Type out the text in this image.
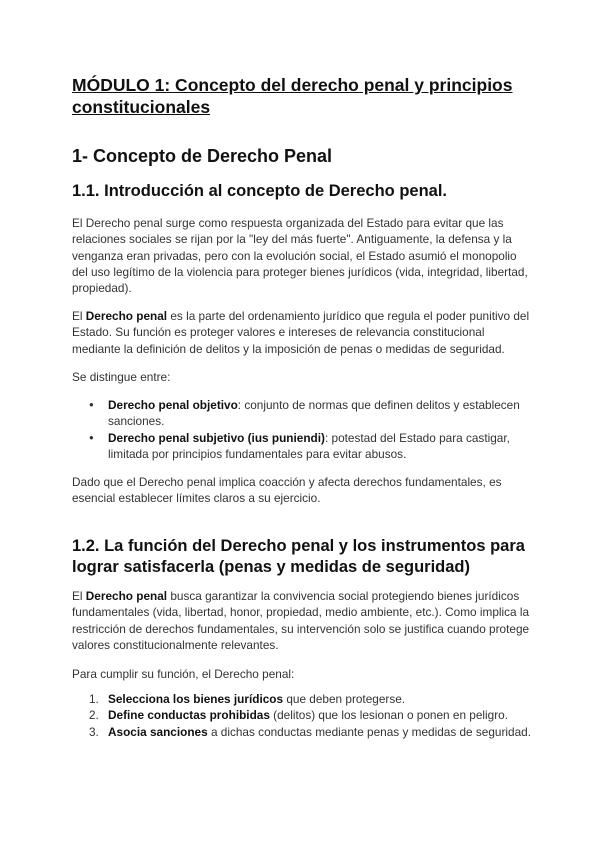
MÓDULO 1: Concepto del derecho penal y principios constitucionales
1- Concepto de Derecho Penal
1.1. Introducción al concepto de Derecho penal.

El Derecho penal surge como respuesta organizada del Estado para evitar que las relaciones sociales se rijan por la "ley del más fuerte". Antiguamente, la defensa y la venganza eran privadas, pero con la evolución social, el Estado asumió el monopolio del uso legítimo de la violencia para proteger bienes jurídicos (vida, integridad, libertad, propiedad).

El Derecho penal es la parte del ordenamiento jurídico que regula el poder punitivo del Estado. Su función es proteger valores e intereses de relevancia constitucional mediante la definición de delitos y la imposición de penas o medidas de seguridad.

Se distingue entre:

● Derecho penal objetivo: conjunto de normas que definen delitos y establecen sanciones.
● Derecho penal subjetivo (ius puniendi): potestad del Estado para castigar, limitada por principios fundamentales para evitar abusos.

Dado que el Derecho penal implica coacción y afecta derechos fundamentales, es esencial establecer límites claros a su ejercicio.

1.2. La función del Derecho penal y los instrumentos para lograr satisfacerla (penas y medidas de seguridad)

El Derecho penal busca garantizar la convivencia social protegiendo bienes jurídicos fundamentales (vida, libertad, honor, propiedad, medio ambiente, etc.). Como implica la restricción de derechos fundamentales, su intervención solo se justifica cuando protege valores constitucionalmente relevantes.

Para cumplir su función, el Derecho penal:

1. Selecciona los bienes jurídicos que deben protegerse.
2. Define conductas prohibidas (delitos) que los lesionan o ponen en peligro.
3. Asocia sanciones a dichas conductas mediante penas y medidas de seguridad.
